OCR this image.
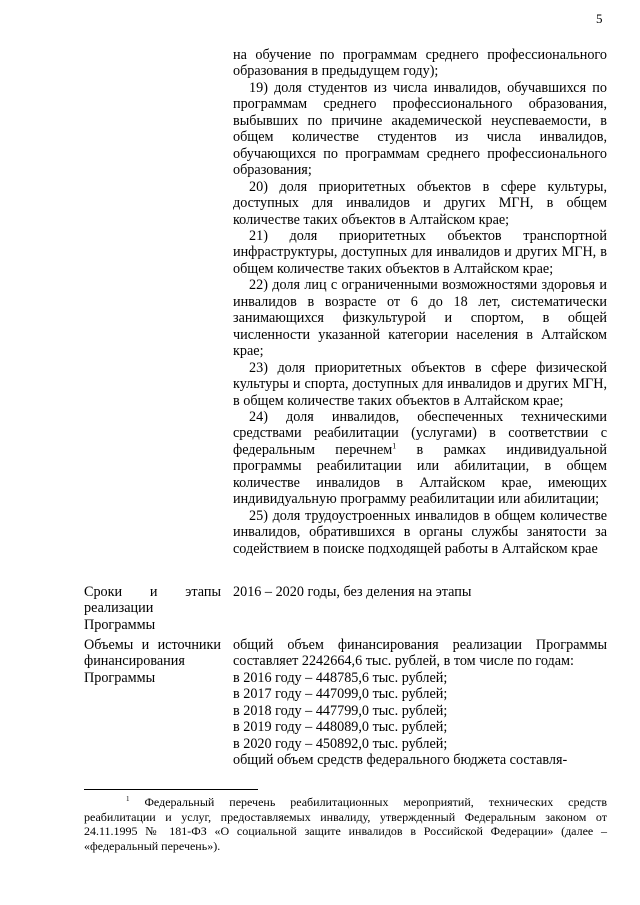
5

на обучение по программам среднего профессионального образования в предыдущем году);

19) доля студентов из числа инвалидов, обучавшихся по программам среднего профессионального образования, выбывших по причине академической неуспеваемости, в общем количестве студентов из числа инвалидов, обучающихся по программам среднего профессионального образования;

20) доля приоритетных объектов в сфере культуры, доступных для инвалидов и других МГН, в общем количестве таких объектов в Алтайском крае;

21) доля приоритетных объектов транспортной инфраструктуры, доступных для инвалидов и других МГН, в общем количестве таких объектов в Алтайском крае;

22) доля лиц с ограниченными возможностями здоровья и инвалидов в возрасте от 6 до 18 лет, систематически занимающихся физкультурой и спортом, в общей численности указанной категории населения в Алтайском крае;

23) доля приоритетных объектов в сфере физической культуры и спорта, доступных для инвалидов и других МГН, в общем количестве таких объектов в Алтайском крае;

24) доля инвалидов, обеспеченных техническими средствами реабилитации (услугами) в соответствии с федеральным перечнем$^1$ в рамках индивидуальной программы реабилитации или абилитации, в общем количестве инвалидов в Алтайском крае, имеющих индивидуальную программу реабилитации или абилитации;

25) доля трудоустроенных инвалидов в общем количестве инвалидов, обратившихся в органы службы занятости за содействием в поиске подходящей работы в Алтайском крае

Сроки и этапы реализации Программы

2016 – 2020 годы, без деления на этапы

Объемы и источники финансирования Программы

общий объем финансирования реализации Программы составляет 2242664,6 тыс. рублей, в том числе по годам:

в 2016 году – 448785,6 тыс. рублей;

в 2017 году – 447099,0 тыс. рублей;

в 2018 году – 447799,0 тыс. рублей;

в 2019 году – 448089,0 тыс. рублей;

в 2020 году – 450892,0 тыс. рублей;

общий объем средств федерального бюджета составля-

$^1$ Федеральный перечень реабилитационных мероприятий, технических средств реабилитации и услуг, предоставляемых инвалиду, утвержденный Федеральным законом от 24.11.1995 № 181-ФЗ «О социальной защите инвалидов в Российской Федерации» (далее – «федеральный перечень»).
